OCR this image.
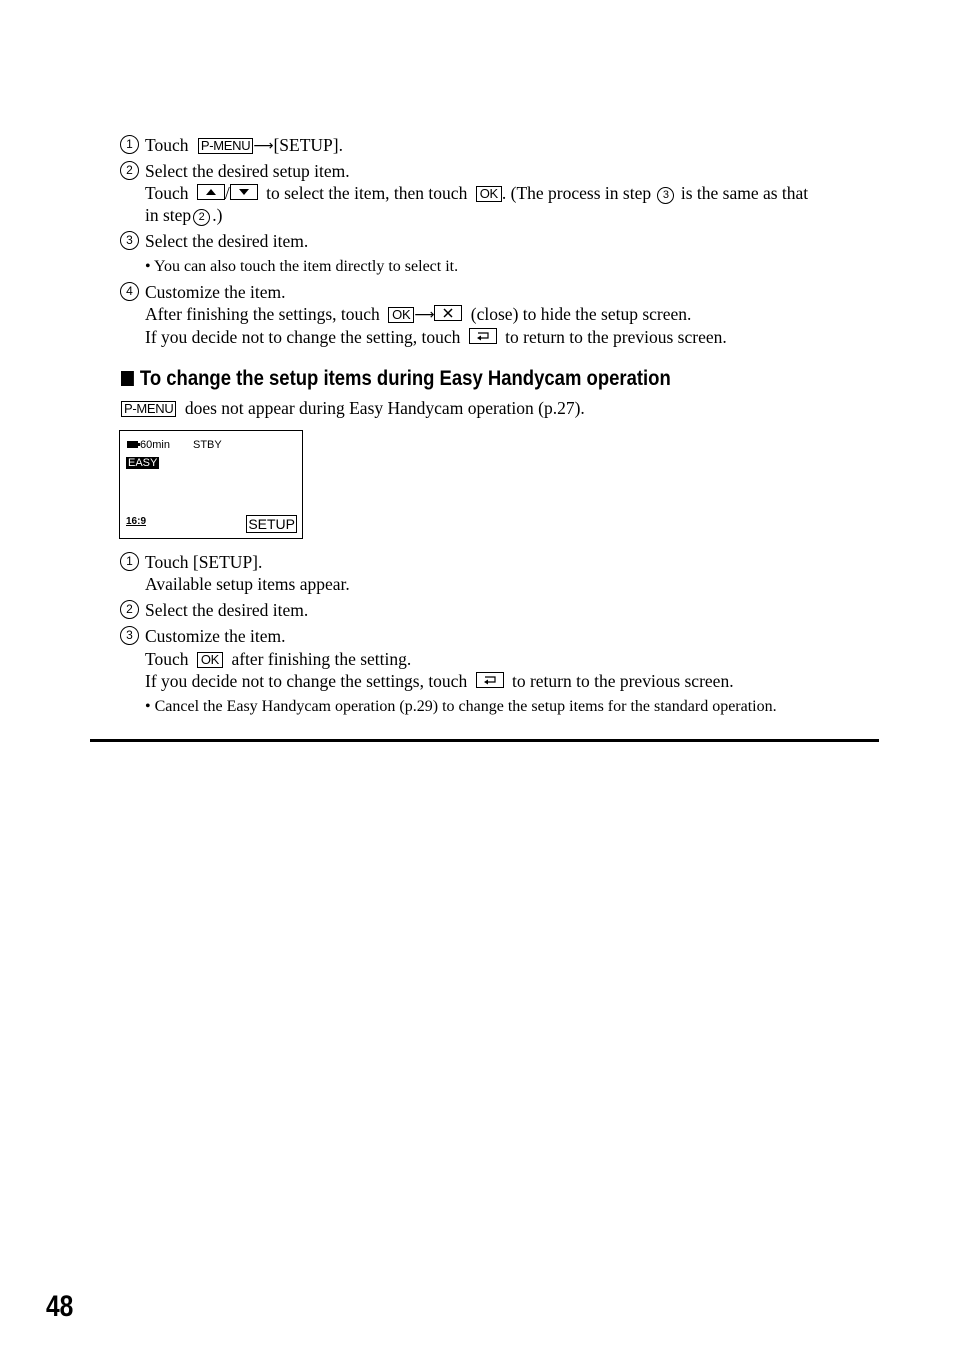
1 Touch P-MENU ⟶[SETUP].
2 Select the desired setup item.
Touch / to select the item, then touch OK . (The process in step 3 is the same as that
in step 2 .)
3 Select the desired item.
• You can also touch the item directly to select it.
4 Customize the item.
After finishing the settings, touch OK ⟶ (close) to hide the setup screen.
If you decide not to change the setting, touch	to return to the previous screen.
To change the setup items during Easy Handycam operation
P-MENU does not appear during Easy Handycam operation (p.27).
60min STBY
EASY
16:9	SETUP
1 Touch [SETUP].
Available setup items appear.
2 Select the desired item.
3 Customize the item.
Touch OK after finishing the setting.
If you decide not to change the settings, touch	to return to the previous screen.
• Cancel the Easy Handycam operation (p.29) to change the setup items for the standard operation.
48
